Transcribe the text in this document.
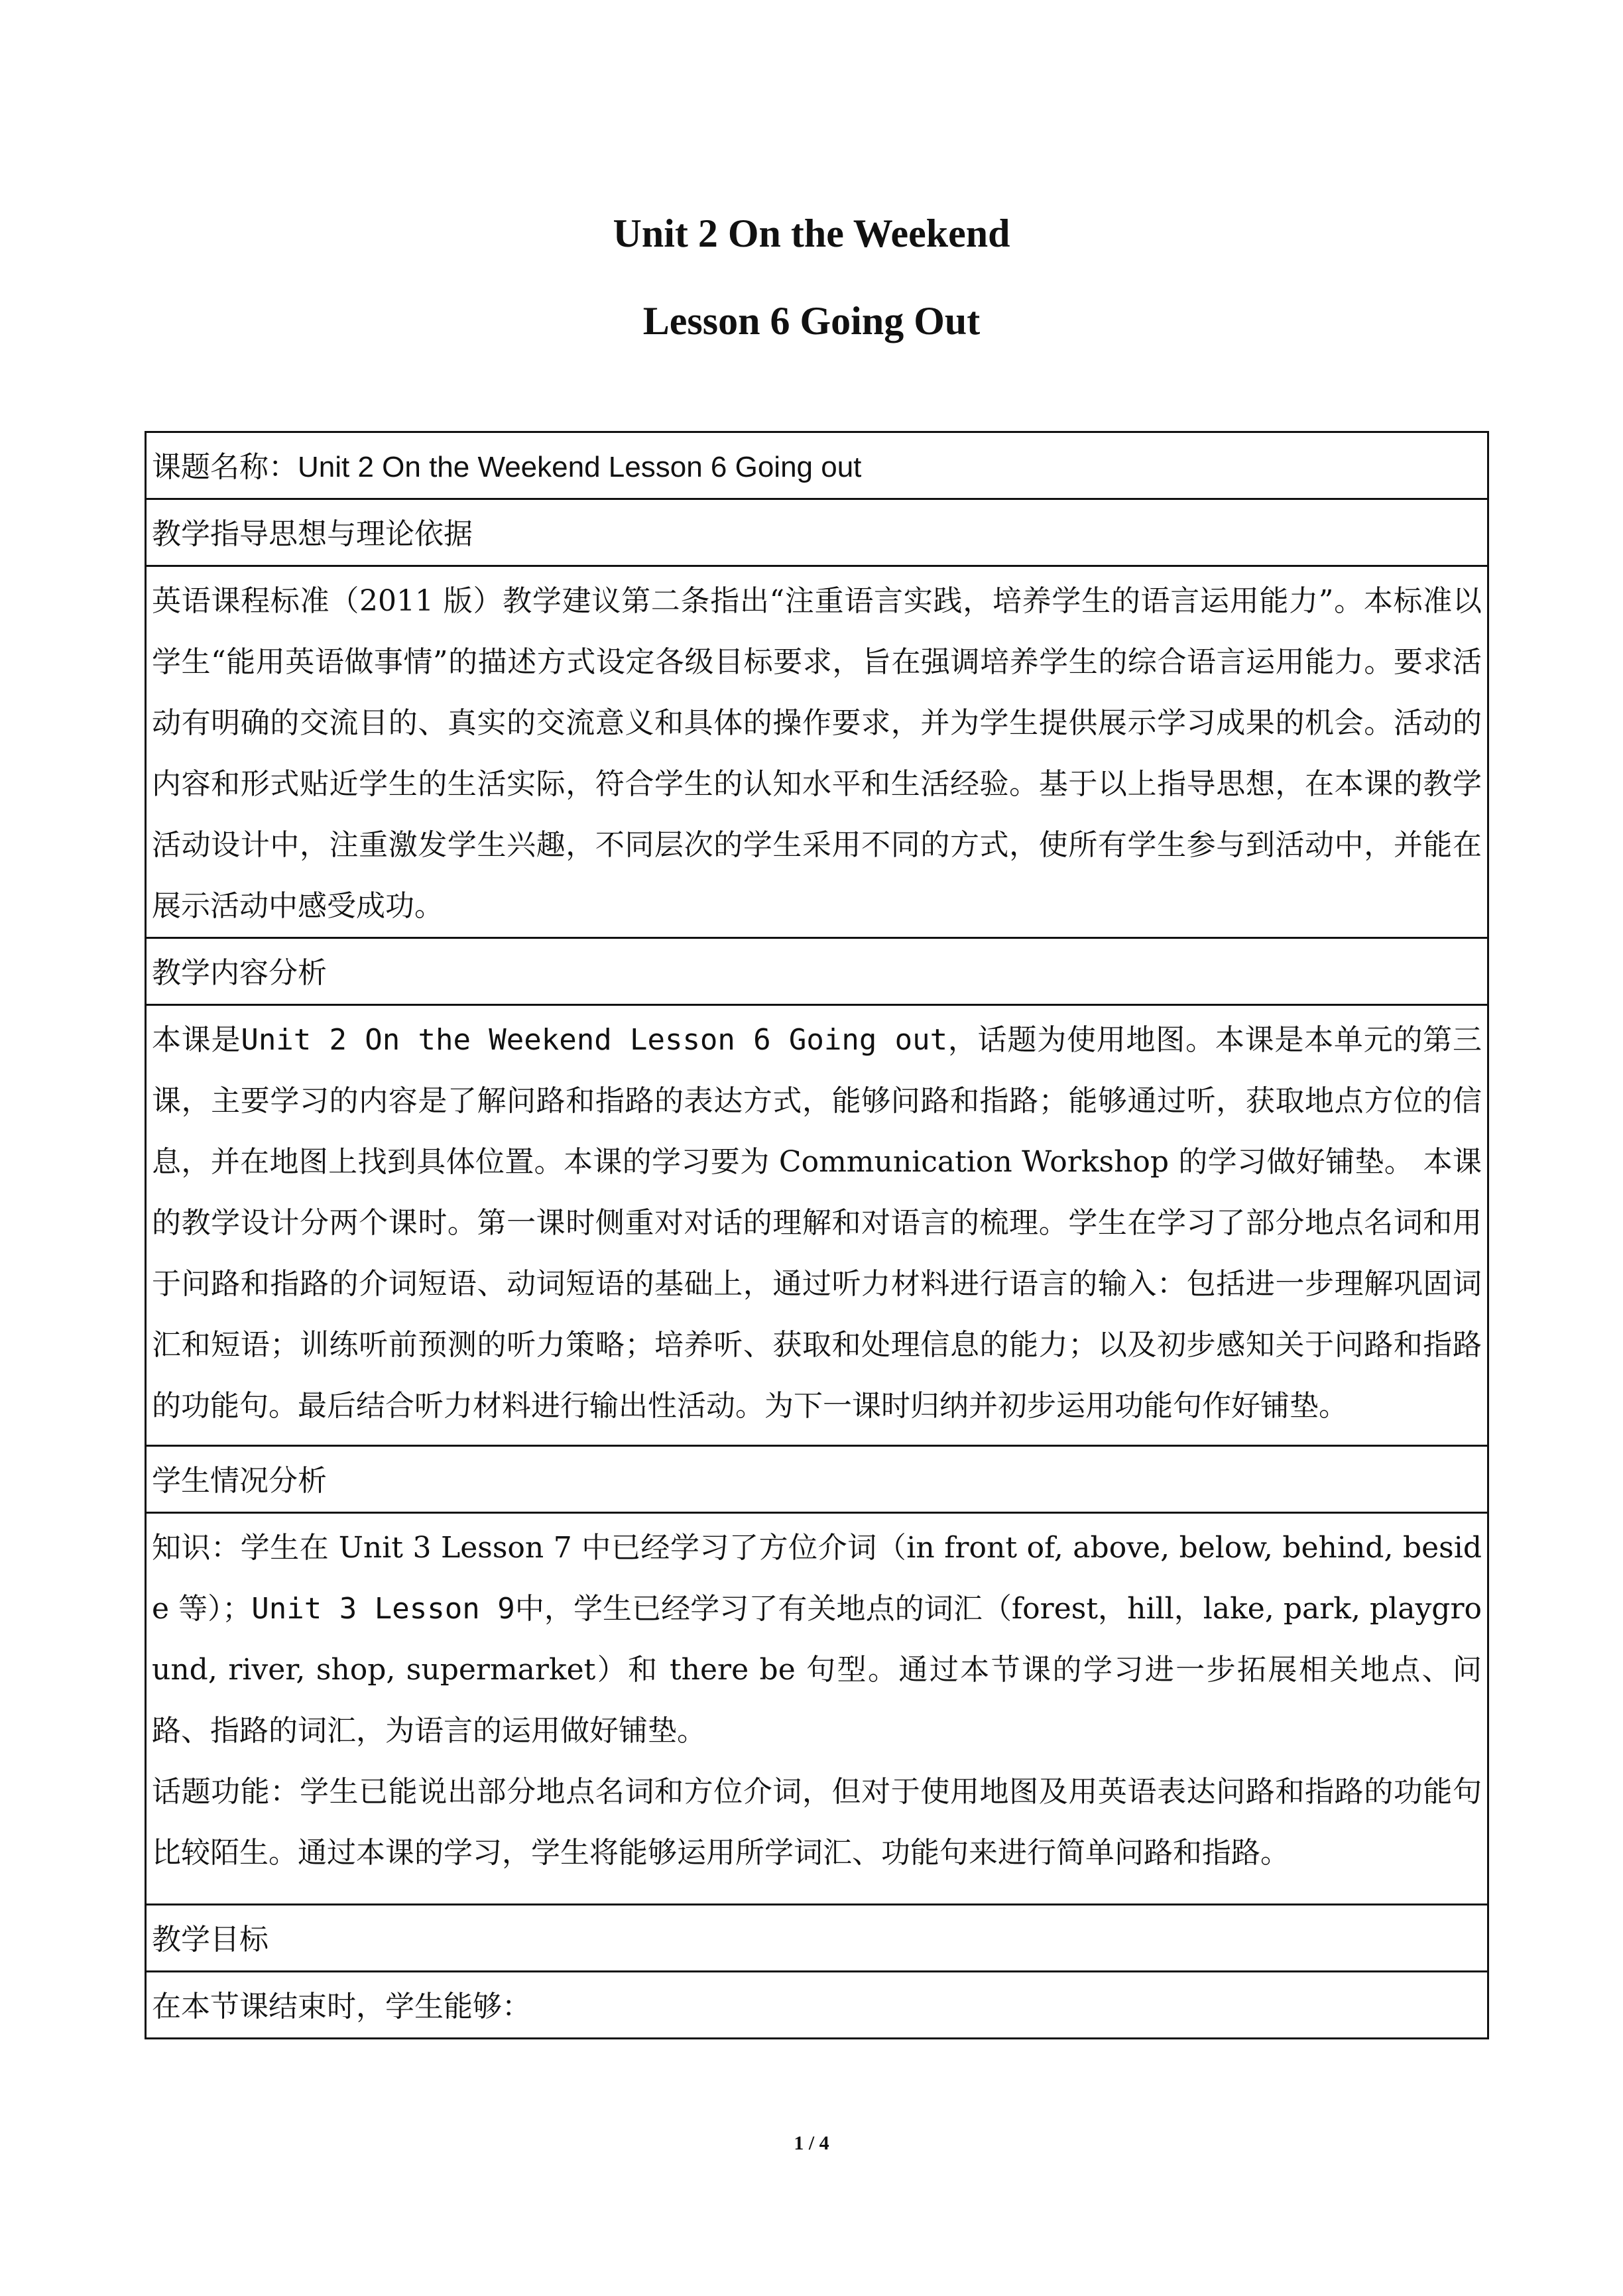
Unit 2 On the Weekend
Lesson 6 Going Out
课题名称：Unit 2 On the Weekend Lesson 6 Going out
教学指导思想与理论依据

英语课程标准（2011 版）教学建议第二条指出“注重语言实践，培养学生的语言运用能力”。本标准以学生“能用英语做事情”的描述方式设定各级目标要求，旨在强调培养学生的综合语言运用能力。要求活动有明确的交流目的、真实的交流意义和具体的操作要求，并为学生提供展示学习成果的机会。活动的内容和形式贴近学生的生活实际，符合学生的认知水平和生活经验。基于以上指导思想，在本课的教学活动设计中，注重激发学生兴趣，不同层次的学生采用不同的方式，使所有学生参与到活动中，并能在展示活动中感受成功。

教学内容分析

本课是Unit 2 On the Weekend Lesson 6 Going out，话题为使用地图。本课是本单元的第三课，主要学习的内容是了解问路和指路的表达方式，能够问路和指路；能够通过听，获取地点方位的信息，并在地图上找到具体位置。本课的学习要为 Communication Workshop 的学习做好铺垫。 本课的教学设计分两个课时。第一课时侧重对对话的理解和对语言的梳理。学生在学习了部分地点名词和用于问路和指路的介词短语、动词短语的基础上，通过听力材料进行语言的输入：包括进一步理解巩固词汇和短语；训练听前预测的听力策略；培养听、获取和处理信息的能力；以及初步感知关于问路和指路的功能句。最后结合听力材料进行输出性活动。为下一课时归纳并初步运用功能句作好铺垫。

学生情况分析

知识：学生在 Unit 3 Lesson 7 中已经学习了方位介词（in front of, above, below, behind, beside 等）；Unit 3 Lesson 9中，学生已经学习了有关地点的词汇（forest，hill，lake, park, playground, river, shop, supermarket）和 there be 句型。通过本节课的学习进一步拓展相关地点、问路、指路的词汇，为语言的运用做好铺垫。

话题功能：学生已能说出部分地点名词和方位介词，但对于使用地图及用英语表达问路和指路的功能句比较陌生。通过本课的学习，学生将能够运用所学词汇、功能句来进行简单问路和指路。

教学目标
在本节课结束时，学生能够：
1 / 4
